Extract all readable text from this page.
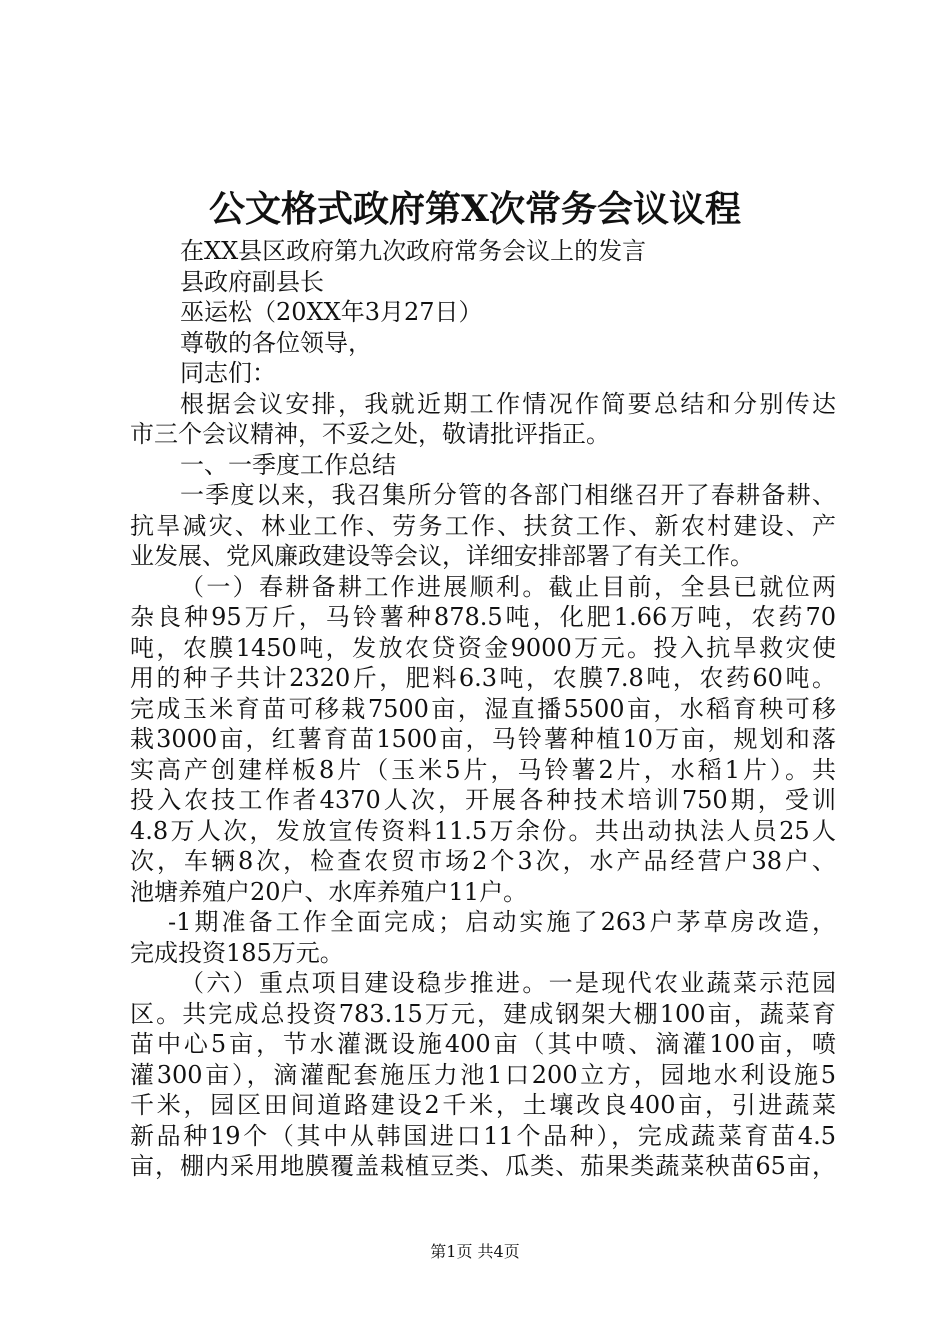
公文格式政府第X次常务会议议程
在XX县区政府第九次政府常务会议上的发言
县政府副县长
巫运松（20XX年3月27日）
尊敬的各位领导，
同志们：
根据会议安排，我就近期工作情况作简要总结和分别传达
市三个会议精神，不妥之处，敬请批评指正。
一、一季度工作总结
一季度以来，我召集所分管的各部门相继召开了春耕备耕、
抗旱减灾、林业工作、劳务工作、扶贫工作、新农村建设、产
业发展、党风廉政建设等会议，详细安排部署了有关工作。
（一）春耕备耕工作进展顺利。截止目前，全县已就位两
杂良种95万斤，马铃薯种878.5吨，化肥1.66万吨，农药70
吨，农膜1450吨，发放农贷资金9000万元。投入抗旱救灾使
用的种子共计2320斤，肥料6.3吨，农膜7.8吨，农药60吨。
完成玉米育苗可移栽7500亩，湿直播5500亩，水稻育秧可移
栽3000亩，红薯育苗1500亩，马铃薯种植10万亩，规划和落
实高产创建样板8片（玉米5片，马铃薯2片，水稻1片）。共
投入农技工作者4370人次，开展各种技术培训750期，受训
4.8万人次，发放宣传资料11.5万余份。共出动执法人员25人
次，车辆8次，检查农贸市场2个3次，水产品经营户38户、
池塘养殖户20户、水库养殖户11户。
-1期准备工作全面完成；启动实施了263户茅草房改造，
完成投资185万元。
（六）重点项目建设稳步推进。一是现代农业蔬菜示范园
区。共完成总投资783.15万元，建成钢架大棚100亩，蔬菜育
苗中心5亩，节水灌溉设施400亩（其中喷、滴灌100亩，喷
灌300亩），滴灌配套施压力池1口200立方，园地水利设施5
千米，园区田间道路建设2千米，土壤改良400亩，引进蔬菜
新品种19个（其中从韩国进口11个品种），完成蔬菜育苗4.5
亩，棚内采用地膜覆盖栽植豆类、瓜类、茄果类蔬菜秧苗65亩，
第1页 共4页
